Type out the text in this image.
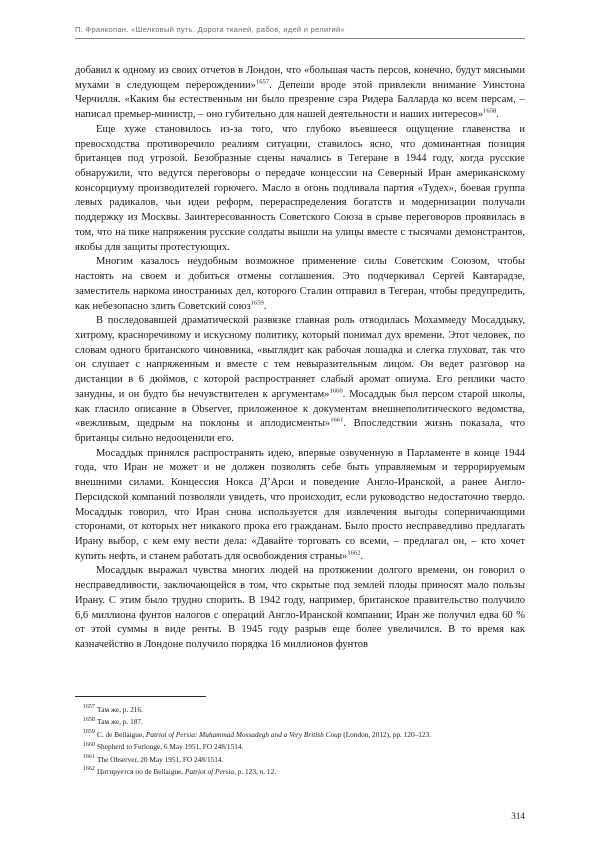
П. Франкопан. «Шелковый путь. Дорога тканей, рабов, идей и религий»

добавил к одному из своих отчетов в Лондон, что «большая часть персов, конечно, будут мясными мухами в следующем перерождении»$^{1657}$. Депеши вроде этой привлекли внимание Уинстона Черчилля. «Каким бы естественным ни было презрение сэра Ридера Балларда ко всем персам, – написал премьер-министр, – оно губительно для нашей деятельности и наших интересов»$^{1658}$.

Еще хуже становилось из-за того, что глубоко въевшееся ощущение главенства и превосходства противоречило реалиям ситуации, ставилось ясно, что доминантная позиция британцев под угрозой. Безобразные сцены начались в Тегеране в 1944 году, когда русские обнаружили, что ведутся переговоры о передаче концессии на Северный Иран американскому консорциуму производителей горючего. Масло в огонь подливала партия «Тудех», боевая группа левых радикалов, чьи идеи реформ, перераспределения богатств и модернизации получали поддержку из Москвы. Заинтересованность Советского Союза в срыве переговоров проявилась в том, что на пике напряжения русские солдаты вышли на улицы вместе с тысячами демонстрантов, якобы для защиты протестующих.

Многим казалось неудобным возможное применение силы Советским Союзом, чтобы настоять на своем и добиться отмены соглашения. Это подчеркивал Сергей Кавтарадзе, заместитель наркома иностранных дел, которого Сталин отправил в Тегеран, чтобы предупредить, как небезопасно злить Советский союз$^{1659}$.

В последовавшей драматической развязке главная роль отводилась Мохаммеду Мосаддыку, хитрому, красноречивому и искусному политику, который понимал дух времени. Этот человек, по словам одного британского чиновника, «выглядит как рабочая лошадка и слегка глуховат, так что он слушает с напряженным и вместе с тем невыразительным лицом. Он ведет разговор на дистанции в 6 дюймов, с которой распространяет слабый аромат опиума. Его реплики часто занудны, и он будто бы нечувствителен к аргументам»$^{1660}$. Мосаддык был персом старой школы, как гласило описание в Observer, приложенное к документам внешнеполитического ведомства, «вежливым, щедрым на поклоны и аплодисменты»$^{1661}$. Впоследствии жизнь показала, что британцы сильно недооценили его.

Мосаддык принялся распространять идею, впервые озвученную в Парламенте в конце 1944 года, что Иран не может и не должен позволять себе быть управляемым и террорируемым внешними силами. Концессия Нокса Д’Арси и поведение Англо-Иранской, а ранее Англо-Персидской компаний позволяли увидеть, что происходит, если руководство недостаточно твердо. Мосаддык говорил, что Иран снова используется для извлечения выгоды соперничающими сторонами, от которых нет никакого прока его гражданам. Было просто несправедливо предлагать Ирану выбор, с кем ему вести дела: «Давайте торговать со всеми, – предлагал он, – кто хочет купить нефть, и станем работать для освобождения страны»$^{1662}$.

Мосаддык выражал чувства многих людей на протяжении долгого времени, он говорил о несправедливости, заключающейся в том, что скрытые под землей плоды приносят мало пользы Ирану. С этим было трудно спорить. В 1942 году, например, британское правительство получило 6,6 миллиона фунтов налогов с операций Англо-Иранской компании; Иран же получил едва 60 % от этой суммы в виде ренты. В 1945 году разрыв еще более увеличился. В то время как казначейство в Лондоне получило порядка 16 миллионов фунтов

1657 Там же, p. 216.
1658 Там же, p. 187.
1659 C. de Bellaigue, Patriot of Persia: Muhammad Mossadegh and a Very British Coup (London, 2012), pp. 120–123.
1660 Shepherd to Furlonge, 6 May 1951, FO 248/1514.
1661 The Observer, 20 May 1951, FO 248/1514.
1662 Цитируется по de Bellaigue, Patriot of Persia, p. 123, n. 12.
314
